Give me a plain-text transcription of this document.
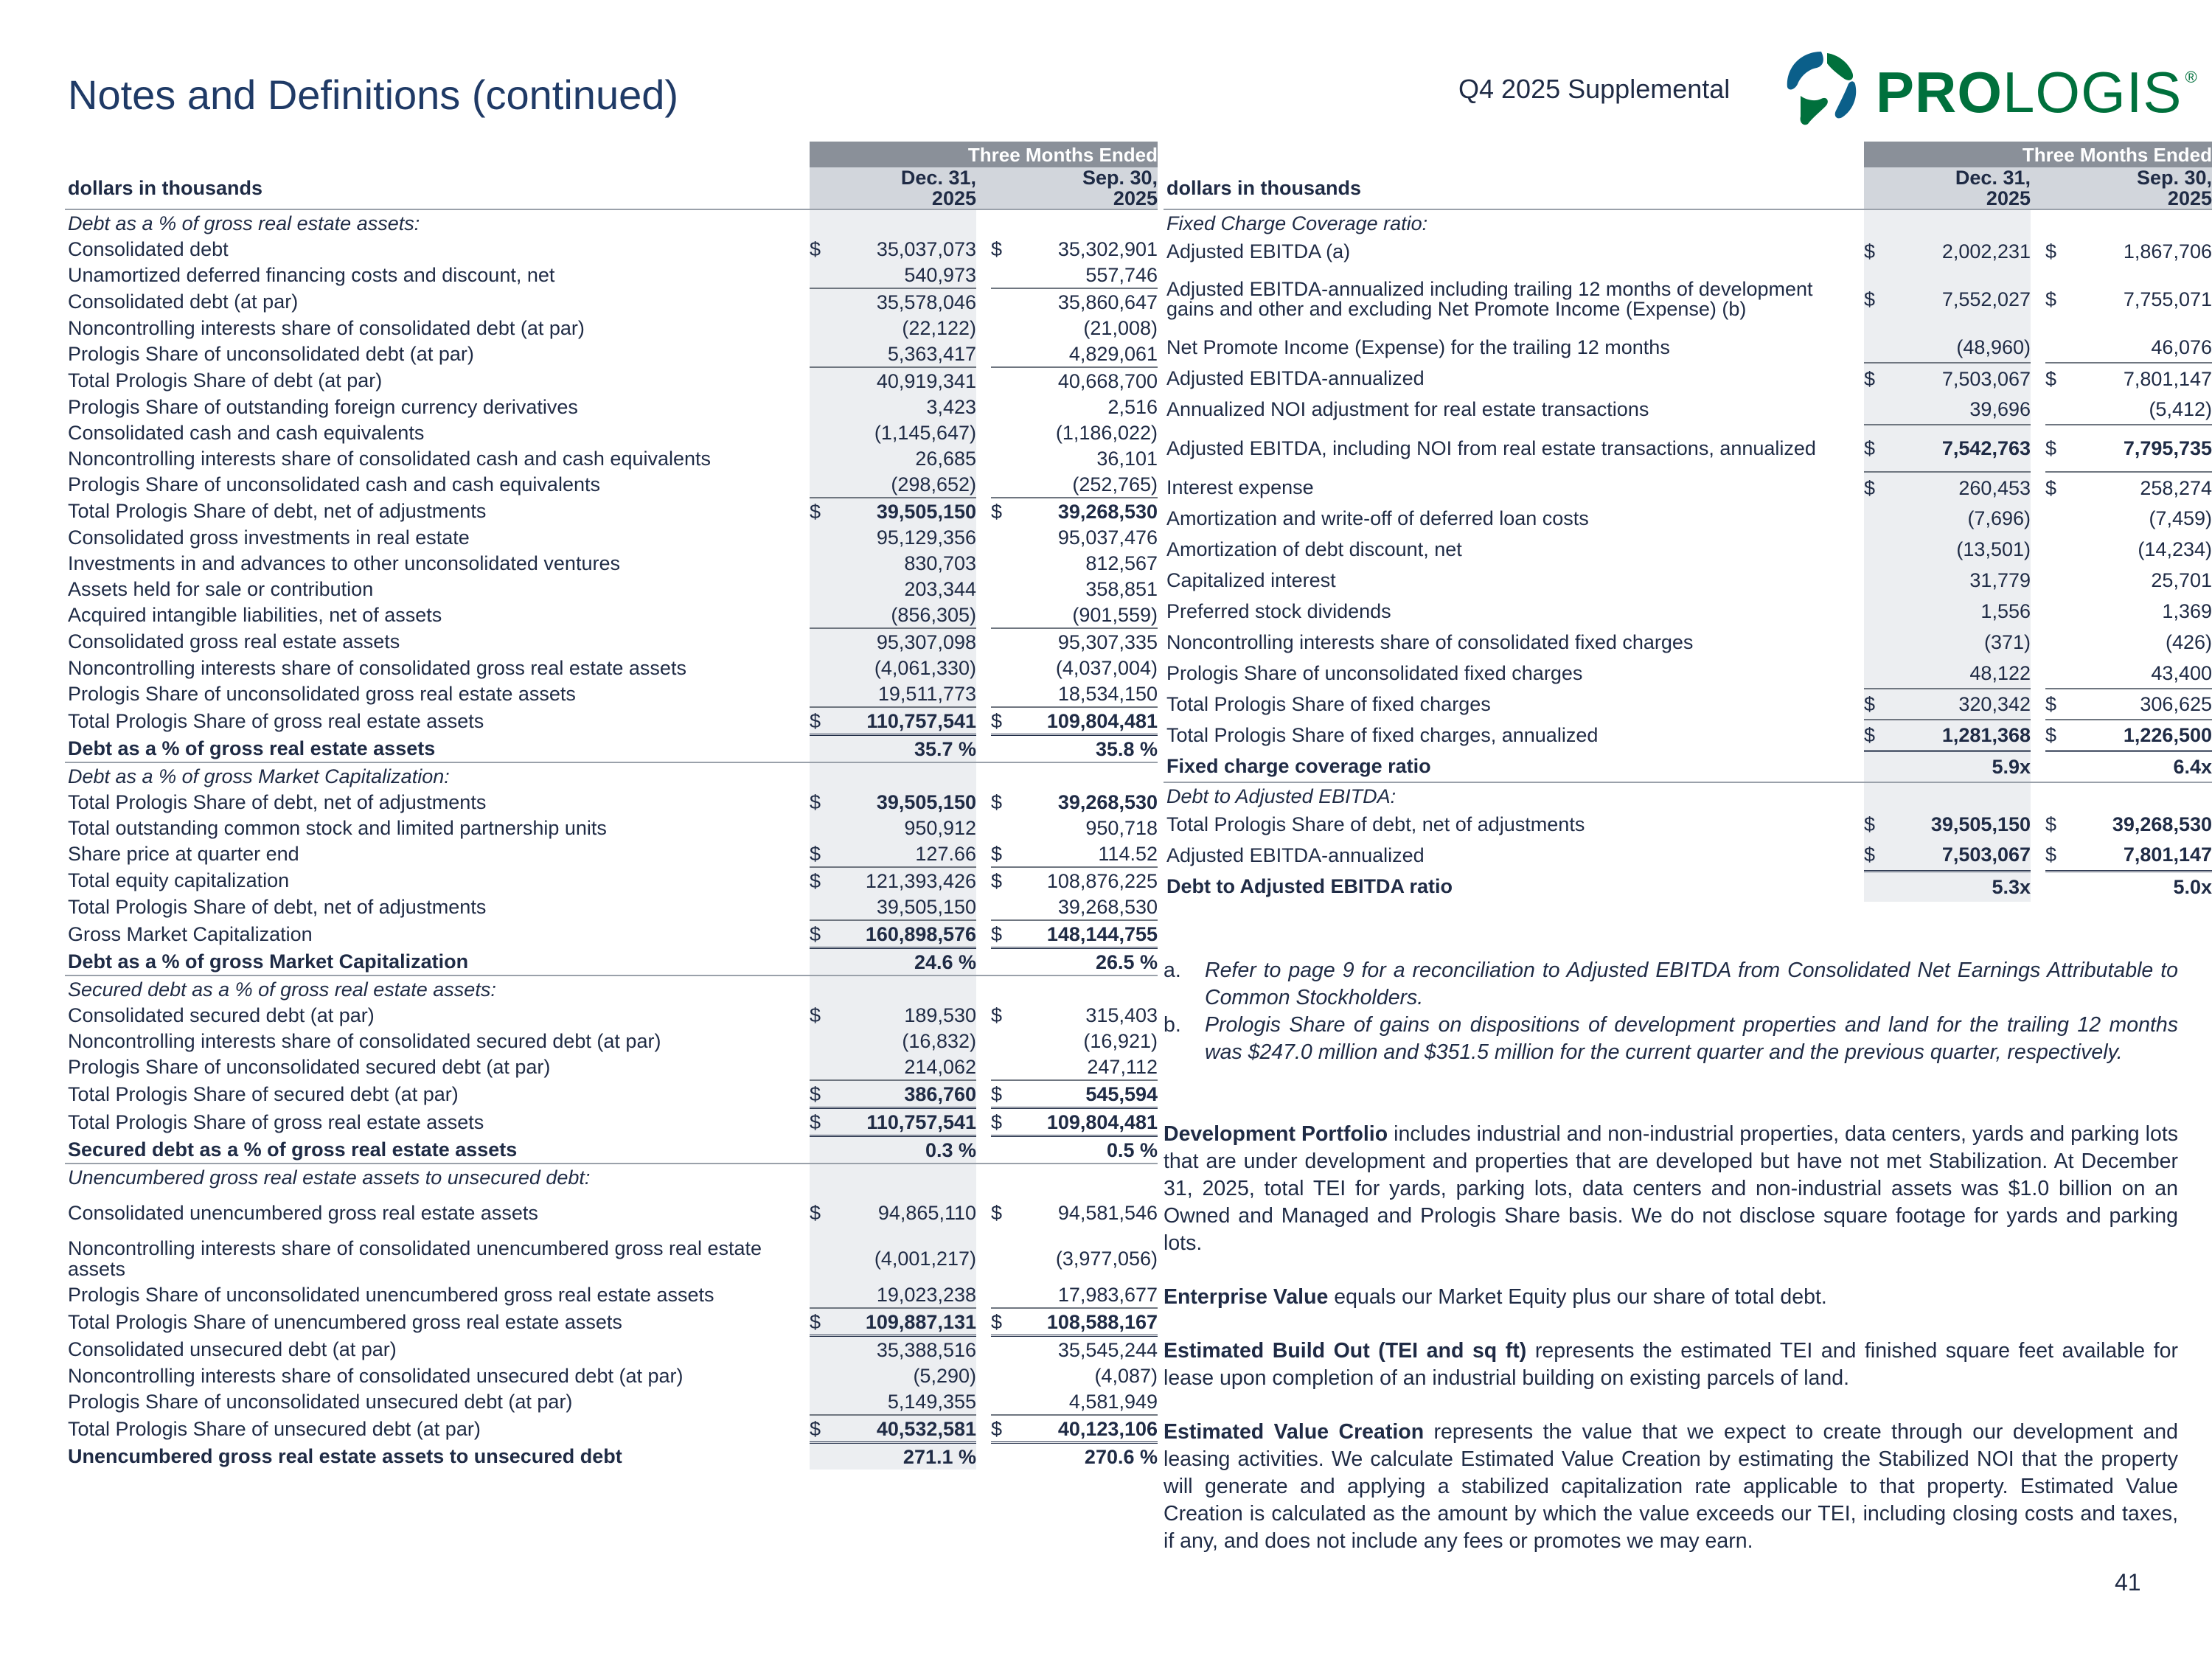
Notes and Definitions (continued)	Q4 2025 Supplemental	PROLOGIS ®
	Three Months Ended				
dollars in thousands	Dec. 31,
2025			Sep. 30,
2025	
Debt as a % of gross real estate assets:					
Consolidated debt	$	35,037,073		$	35,302,901
Unamortized deferred financing costs and discount, net		540,973			557,746
Consolidated debt (at par)		35,578,046			35,860,647
Noncontrolling interests share of consolidated debt (at par)		(22,122)			(21,008)
Prologis Share of unconsolidated debt (at par)		5,363,417			4,829,061
Total Prologis Share of debt (at par)		40,919,341			40,668,700
Prologis Share of outstanding foreign currency derivatives		3,423			2,516
Consolidated cash and cash equivalents		(1,145,647)			(1,186,022)
Noncontrolling interests share of consolidated cash and cash equivalents		26,685			36,101
Prologis Share of unconsolidated cash and cash equivalents		(298,652)			(252,765)
Total Prologis Share of debt, net of adjustments	$	39,505,150		$	39,268,530
Consolidated gross investments in real estate		95,129,356			95,037,476
Investments in and advances to other unconsolidated ventures		830,703			812,567
Assets held for sale or contribution		203,344			358,851
Acquired intangible liabilities, net of assets		(856,305)			(901,559)
Consolidated gross real estate assets		95,307,098			95,307,335
Noncontrolling interests share of consolidated gross real estate assets		(4,061,330)			(4,037,004)
Prologis Share of unconsolidated gross real estate assets		19,511,773			18,534,150
Total Prologis Share of gross real estate assets	$	110,757,541		$	109,804,481
Debt as a % of gross real estate assets		35.7 %			35.8 %
Debt as a % of gross Market Capitalization:					
Total Prologis Share of debt, net of adjustments	$	39,505,150		$	39,268,530
Total outstanding common stock and limited partnership units		950,912			950,718
Share price at quarter end	$	127.66		$	114.52
Total equity capitalization	$	121,393,426		$	108,876,225
Total Prologis Share of debt, net of adjustments		39,505,150			39,268,530
Gross Market Capitalization	$	160,898,576		$	148,144,755
Debt as a % of gross Market Capitalization		24.6 %			26.5 %
Secured debt as a % of gross real estate assets:					
Consolidated secured debt (at par)	$	189,530		$	315,403
Noncontrolling interests share of consolidated secured debt (at par)		(16,832)			(16,921)
Prologis Share of unconsolidated secured debt (at par)		214,062			247,112
Total Prologis Share of secured debt (at par)	$	386,760		$	545,594
Total Prologis Share of gross real estate assets	$	110,757,541		$	109,804,481
Secured debt as a % of gross real estate assets		0.3 %			0.5 %
Unencumbered gross real estate assets to unsecured debt:					
Consolidated unencumbered gross real estate assets	$	94,865,110		$	94,581,546
Noncontrolling interests share of consolidated unencumbered gross real estate assets		(4,001,217)			(3,977,056)
Prologis Share of unconsolidated unencumbered gross real estate assets		19,023,238			17,983,677
Total Prologis Share of unencumbered gross real estate assets	$	109,887,131		$	108,588,167
Consolidated unsecured debt (at par)		35,388,516			35,545,244
Noncontrolling interests share of consolidated unsecured debt (at par)		(5,290)			(4,087)
Prologis Share of unconsolidated unsecured debt (at par)		5,149,355			4,581,949
Total Prologis Share of unsecured debt (at par)	$	40,532,581		$	40,123,106
Unencumbered gross real estate assets to unsecured debt		271.1 %			270.6 %
	Three Months Ended				
dollars in thousands	Dec. 31,
2025			Sep. 30,
2025	
Fixed Charge Coverage ratio:					
Adjusted EBITDA (a)	$	2,002,231		$	1,867,706
Adjusted EBITDA-annualized including trailing 12 months of development gains and other and excluding Net Promote Income (Expense) (b)	$	7,552,027		$	7,755,071
Net Promote Income (Expense) for the trailing 12 months		(48,960)			46,076
Adjusted EBITDA-annualized	$	7,503,067		$	7,801,147
Annualized NOI adjustment for real estate transactions		39,696			(5,412)
Adjusted EBITDA, including NOI from real estate transactions, annualized	$	7,542,763		$	7,795,735
Interest expense	$	260,453		$	258,274
Amortization and write-off of deferred loan costs		(7,696)			(7,459)
Amortization of debt discount, net		(13,501)			(14,234)
Capitalized interest		31,779			25,701
Preferred stock dividends		1,556			1,369
Noncontrolling interests share of consolidated fixed charges		(371)			(426)
Prologis Share of unconsolidated fixed charges		48,122			43,400
Total Prologis Share of fixed charges	$	320,342		$	306,625
Total Prologis Share of fixed charges, annualized	$	1,281,368		$	1,226,500
Fixed charge coverage ratio		5.9x			6.4x
Debt to Adjusted EBITDA:					
Total Prologis Share of debt, net of adjustments	$	39,505,150		$	39,268,530
Adjusted EBITDA-annualized	$	7,503,067		$	7,801,147
Debt to Adjusted EBITDA ratio		5.3x			5.0x
a. Refer to page 9 for a reconciliation to Adjusted EBITDA from Consolidated Net Earnings Attributable to Common Stockholders.
b. Prologis Share of gains on dispositions of development properties and land for the trailing 12 months was $247.0 million and $351.5 million for the current quarter and the previous quarter, respectively.

Development Portfolio includes industrial and non-industrial properties, data centers, yards and parking lots that are under development and properties that are developed but have not met Stabilization. At December 31, 2025, total TEI for yards, parking lots, data centers and non-industrial assets was $1.0 billion on an Owned and Managed and Prologis Share basis. We do not disclose square footage for yards and parking lots.

Enterprise Value equals our Market Equity plus our share of total debt.

Estimated Build Out (TEI and sq ft) represents the estimated TEI and finished square feet available for lease upon completion of an industrial building on existing parcels of land.

Estimated Value Creation represents the value that we expect to create through our development and leasing activities. We calculate Estimated Value Creation by estimating the Stabilized NOI that the property will generate and applying a stabilized capitalization rate applicable to that property. Estimated Value Creation is calculated as the amount by which the value exceeds our TEI, including closing costs and taxes, if any, and does not include any fees or promotes we may earn.

41
